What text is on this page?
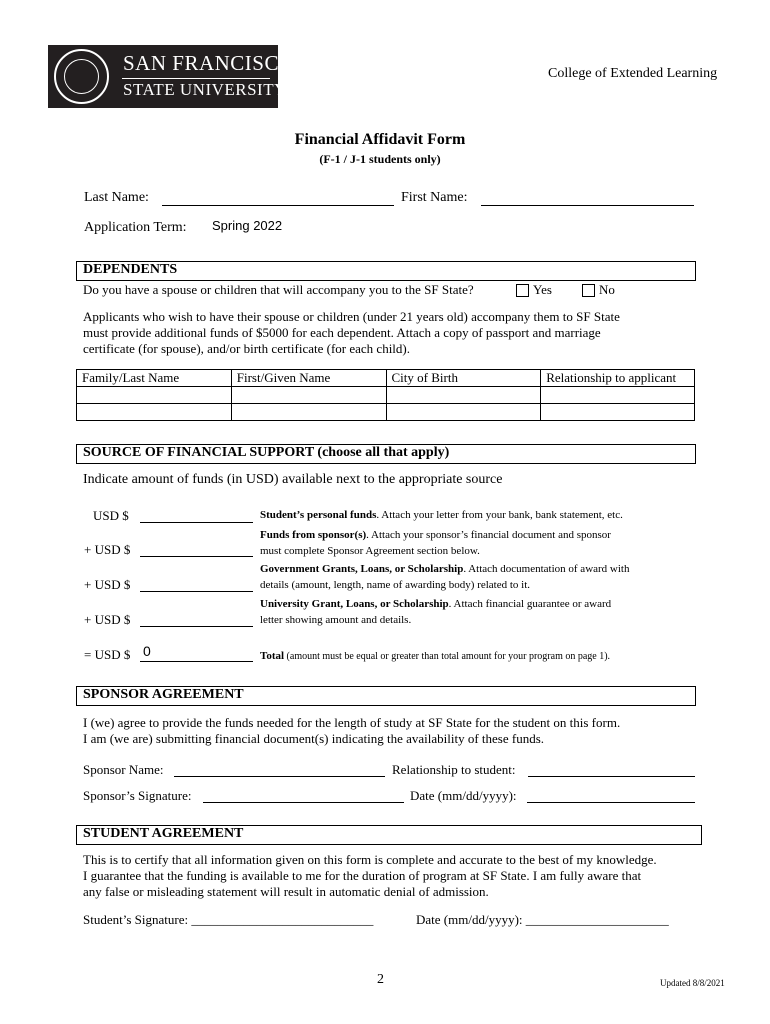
SAN FRANCISCO
STATE UNIVERSITY
College of Extended Learning
Financial Affidavit Form
(F-1 / J-1 students only)
Last Name:	First Name:
Application Term: Spring 2022
DEPENDENTS
Do you have a spouse or children that will accompany you to the SF State?	Yes	No
Applicants who wish to have their spouse or children (under 21 years old) accompany them to SF State
must provide additional funds of $5000 for each dependent. Attach a copy of passport and marriage
certificate (for spouse), and/or birth certificate (for each child).
Family/Last Name	First/Given Name	City of Birth	Relationship to applicant

SOURCE OF FINANCIAL SUPPORT (choose all that apply)
Indicate amount of funds (in USD) available next to the appropriate source
USD $	Student’s personal funds. Attach your letter from your bank, bank statement, etc.
Funds from sponsor(s). Attach your sponsor’s financial document and sponsor
+ USD $	must complete Sponsor Agreement section below.
Government Grants, Loans, or Scholarship. Attach documentation of award with
+ USD $	details (amount, length, name of awarding body) related to it.
University Grant, Loans, or Scholarship. Attach financial guarantee or award
+ USD $	letter showing amount and details.
= USD $ 0	Total (amount must be equal or greater than total amount for your program on page 1).
SPONSOR AGREEMENT
I (we) agree to provide the funds needed for the length of study at SF State for the student on this form.
I am (we are) submitting financial document(s) indicating the availability of these funds.
Sponsor Name:	Relationship to student:
Sponsor’s Signature:	Date (mm/dd/yyyy):
STUDENT AGREEMENT
This is to certify that all information given on this form is complete and accurate to the best of my knowledge.
I guarantee that the funding is available to me for the duration of program at SF State. I am fully aware that
any false or misleading statement will result in automatic denial of admission.
Student’s Signature: ____________________________	Date (mm/dd/yyyy): ______________________
2	Updated 8/8/2021
